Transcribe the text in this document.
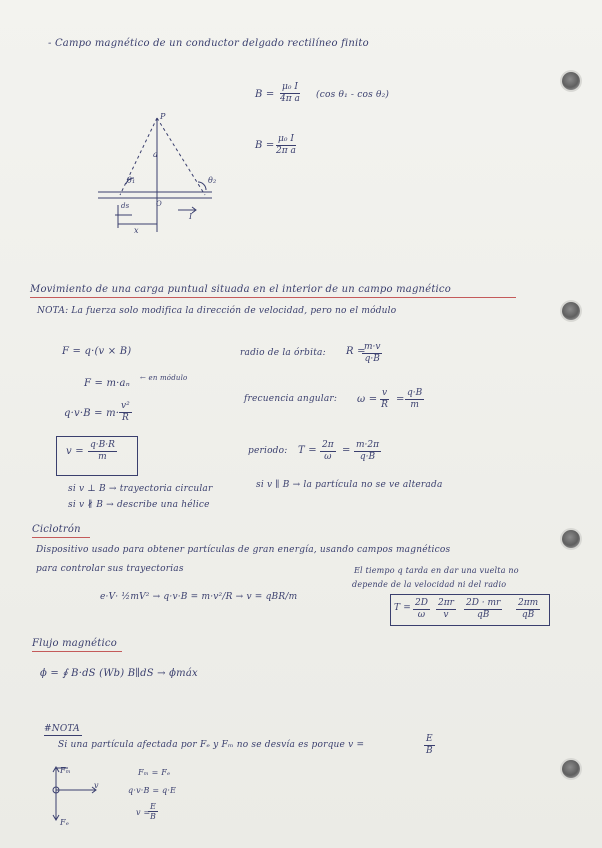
- Campo magnético de un conductor delgado rectilíneo finito
$B = \frac{\text{μ₀ I}}{\text{4π a}} (\cos$ θ₁ - cos θ₂)
$B = \frac{\text{μ₀ I}}{\text{2π a}}$
P
a
θ₁	θ₂
ds	O
I
x
Movimiento de una carga puntual situada en el interior de un campo magnético
NOTA: La fuerza solo modifica la dirección de velocidad, pero no el módulo
F = q·(v × B)
F = m·aₙ ← en módulo
$q\cdot v\cdot B = m\cdot \frac{\text{v²}}{R}$
$v = \frac{q\cdot B\cdot R}{m}$
radio de la órbita: R =
$\frac{m\cdot v}{q\cdot B}$
frecuencia angular: $\omega = \frac{v}{R} = \frac{q\cdot B}{m}$
periodo: $T = \frac{2\pi}{\omega} = \frac{m\cdot 2\pi}{q\cdot B}$
si v ⊥ B → trayectoria circular
si v ∦ B → describe una hélice
si v ∥ B → la partícula no se ve alterada
Ciclotrón
Dispositivo usado para obtener partículas de gran energía, usando campos magnéticos
para controlar sus trayectorias	El tiempo q tarda en dar una vuelta no
depende de la velocidad ni del radio
e·V· ½mV² → q·v·B = m·v²/R → v = qBR/m
$T = \frac{2D}{\omega} \frac{2\pi r}{v} \frac{2D \cdot mr}{qB} \frac{2\pi m}{qB}$
Flujo magnético
ϕ = ∮ B·dS (Wb) B∥dS → ϕmáx
#NOTA
Si una partícula afectada por Fₑ y Fₘ no se desvía es porque v =	$\frac{E}{B}$
Fₘ
Fₑ
v
Fₘ = Fₑ
q·v·B = q·E
v =
$\frac{E}{B}$
